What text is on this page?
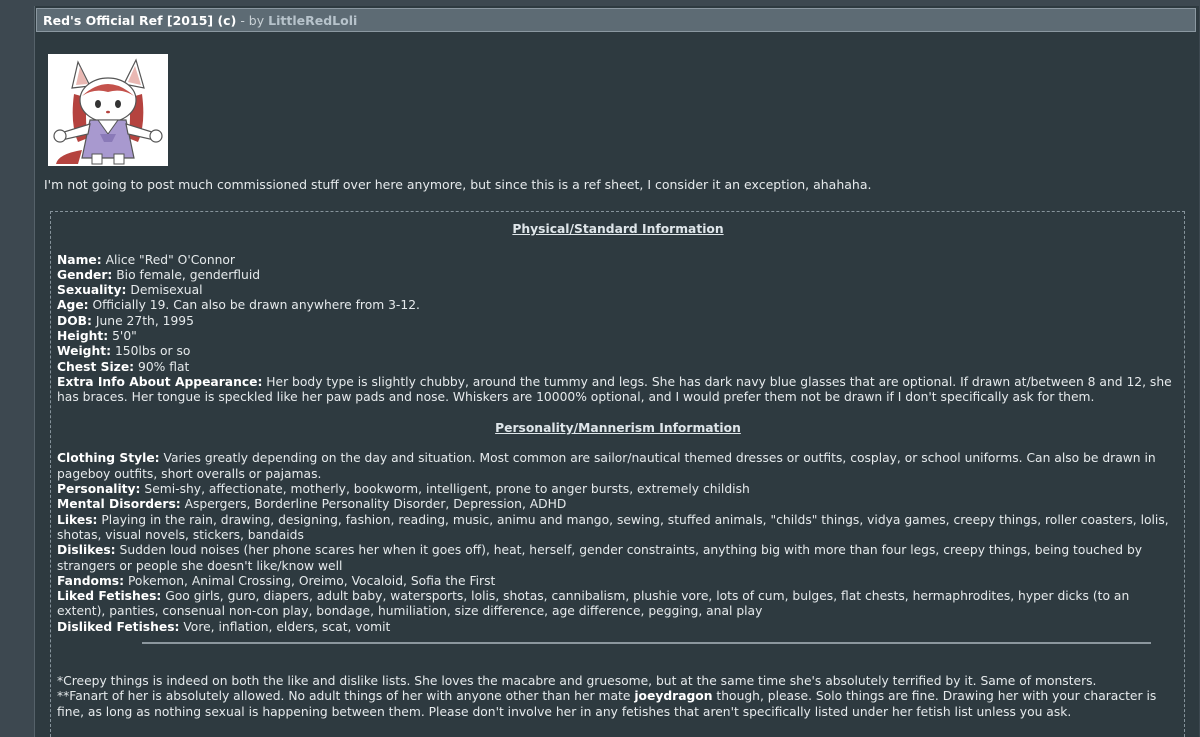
Red's Official Ref [2015] (c) - by LittleRedLoli
I'm not going to post much commissioned stuff over here anymore, but since this is a ref sheet, I consider it an exception, ahahaha.

Physical/Standard Information

Name: Alice "Red" O'Connor

Gender: Bio female, genderfluid

Sexuality: Demisexual

Age: Officially 19. Can also be drawn anywhere from 3-12.

DOB: June 27th, 1995

Height: 5'0"

Weight: 150lbs or so

Chest Size: 90% flat

Extra Info About Appearance: Her body type is slightly chubby, around the tummy and legs. She has dark navy blue glasses that are optional. If drawn at/between 8 and 12, she has braces. Her tongue is speckled like her paw pads and nose. Whiskers are 10000% optional, and I would prefer them not be drawn if I don't specifically ask for them.

Personality/Mannerism Information

Clothing Style: Varies greatly depending on the day and situation. Most common are sailor/nautical themed dresses or outfits, cosplay, or school uniforms. Can also be drawn in pageboy outfits, short overalls or pajamas.

Personality: Semi-shy, affectionate, motherly, bookworm, intelligent, prone to anger bursts, extremely childish

Mental Disorders: Aspergers, Borderline Personality Disorder, Depression, ADHD

Likes: Playing in the rain, drawing, designing, fashion, reading, music, animu and mango, sewing, stuffed animals, "childs" things, vidya games, creepy things, roller coasters, lolis, shotas, visual novels, stickers, bandaids

Dislikes: Sudden loud noises (her phone scares her when it goes off), heat, herself, gender constraints, anything big with more than four legs, creepy things, being touched by strangers or people she doesn't like/know well

Fandoms: Pokemon, Animal Crossing, Oreimo, Vocaloid, Sofia the First

Liked Fetishes: Goo girls, guro, diapers, adult baby, watersports, lolis, shotas, cannibalism, plushie vore, lots of cum, bulges, flat chests, hermaphrodites, hyper dicks (to an extent), panties, consenual non-con play, bondage, humiliation, size difference, age difference, pegging, anal play

Disliked Fetishes: Vore, inflation, elders, scat, vomit

*Creepy things is indeed on both the like and dislike lists. She loves the macabre and gruesome, but at the same time she's absolutely terrified by it. Same of monsters.

**Fanart of her is absolutely allowed. No adult things of her with anyone other than her mate joeydragon though, please. Solo things are fine. Drawing her with your character is fine, as long as nothing sexual is happening between them. Please don't involve her in any fetishes that aren't specifically listed under her fetish list unless you ask.
